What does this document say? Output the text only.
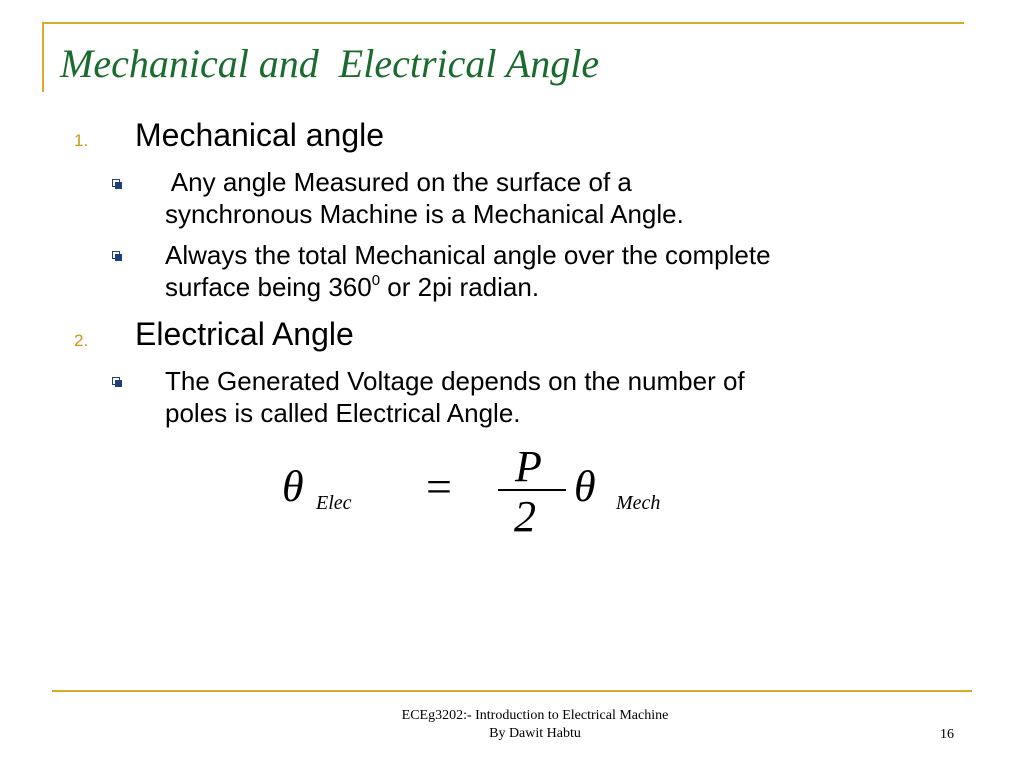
Mechanical and  Electrical Angle
1. Mechanical angle
Any angle Measured on the surface of a
synchronous Machine is a Mechanical Angle.
Always the total Mechanical angle over the complete
surface being $360^0$ or 2pi radian.
2. Electrical Angle
The Generated Voltage depends on the number of
poles is called Electrical Angle.
θ Elec = P
2
θ Mech
ECEg3202:- Introduction to Electrical Machine
By Dawit Habtu	16
